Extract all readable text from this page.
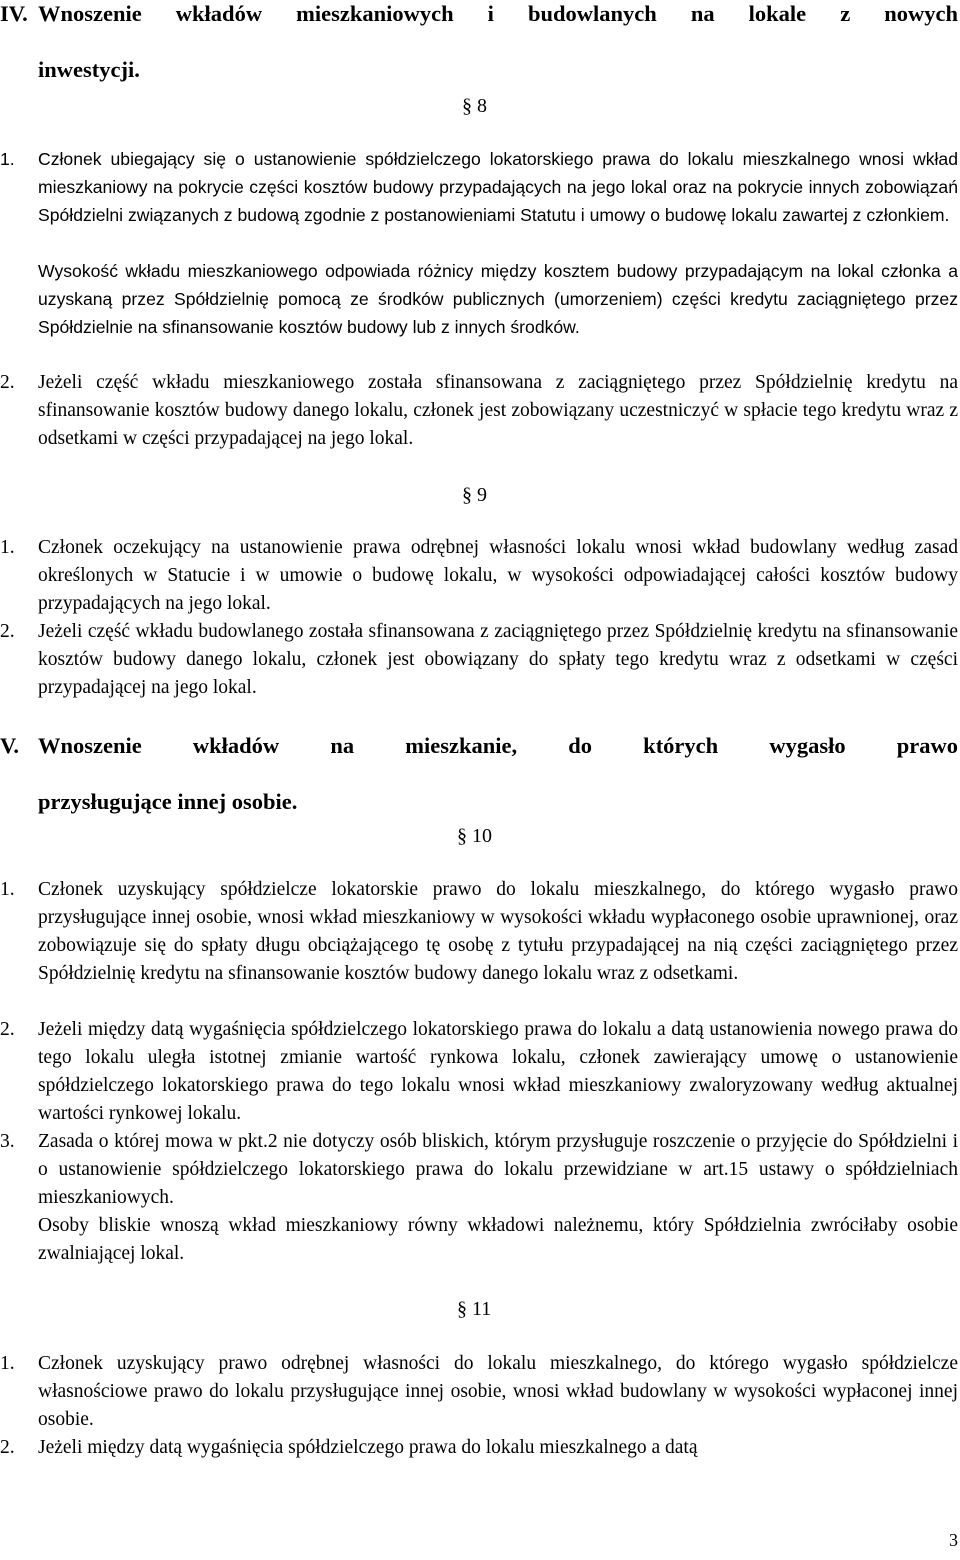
IV. Wnoszenie wkładów mieszkaniowych i budowlanych na lokale z nowych
inwestycji.
§ 8
1. Członek ubiegający się o ustanowienie spółdzielczego lokatorskiego prawa do lokalu mieszkalnego wnosi wkład mieszkaniowy na pokrycie części kosztów budowy przypadających na jego lokal oraz na pokrycie innych zobowiązań Spółdzielni związanych z budową zgodnie z postanowieniami Statutu i umowy o budowę lokalu zawartej z członkiem.
Wysokość wkładu mieszkaniowego odpowiada różnicy między kosztem budowy przypadającym na lokal członka a uzyskaną przez Spółdzielnię pomocą ze środków publicznych (umorzeniem) części kredytu zaciągniętego przez Spółdzielnie na sfinansowanie kosztów budowy lub z innych środków.
2. Jeżeli część wkładu mieszkaniowego została sfinansowana z zaciągniętego przez Spółdzielnię kredytu na sfinansowanie kosztów budowy danego lokalu, członek jest zobowiązany uczestniczyć w spłacie tego kredytu wraz z odsetkami w części przypadającej na jego lokal.
§ 9
1. Członek oczekujący na ustanowienie prawa odrębnej własności lokalu wnosi wkład budowlany według zasad określonych w Statucie i w umowie o budowę lokalu, w wysokości odpowiadającej całości kosztów budowy przypadających na jego lokal.
2. Jeżeli część wkładu budowlanego została sfinansowana z zaciągniętego przez Spółdzielnię kredytu na sfinansowanie kosztów budowy danego lokalu, członek jest obowiązany do spłaty tego kredytu wraz z odsetkami w części przypadającej na jego lokal.
V. Wnoszenie wkładów na mieszkanie, do których wygasło prawo
przysługujące innej osobie.
§ 10
1. Członek uzyskujący spółdzielcze lokatorskie prawo do lokalu mieszkalnego, do którego wygasło prawo przysługujące innej osobie, wnosi wkład mieszkaniowy w wysokości wkładu wypłaconego osobie uprawnionej, oraz zobowiązuje się do spłaty długu obciążającego tę osobę z tytułu przypadającej na nią części zaciągniętego przez Spółdzielnię kredytu na sfinansowanie kosztów budowy danego lokalu wraz z odsetkami.
2. Jeżeli między datą wygaśnięcia spółdzielczego lokatorskiego prawa do lokalu a datą ustanowienia nowego prawa do tego lokalu uległa istotnej zmianie wartość rynkowa lokalu, członek zawierający umowę o ustanowienie spółdzielczego lokatorskiego prawa do tego lokalu wnosi wkład mieszkaniowy zwaloryzowany według aktualnej wartości rynkowej lokalu.
3. Zasada o której mowa w pkt.2 nie dotyczy osób bliskich, którym przysługuje roszczenie o przyjęcie do Spółdzielni i o ustanowienie spółdzielczego lokatorskiego prawa do lokalu przewidziane w art.15 ustawy o spółdzielniach mieszkaniowych.
Osoby bliskie wnoszą wkład mieszkaniowy równy wkładowi należnemu, który Spółdzielnia zwróciłaby osobie zwalniającej lokal.
§ 11
1. Członek uzyskujący prawo odrębnej własności do lokalu mieszkalnego, do którego wygasło spółdzielcze własnościowe prawo do lokalu przysługujące innej osobie, wnosi wkład budowlany w wysokości wypłaconej innej osobie.
2. Jeżeli między datą wygaśnięcia spółdzielczego prawa do lokalu mieszkalnego a datą
3
